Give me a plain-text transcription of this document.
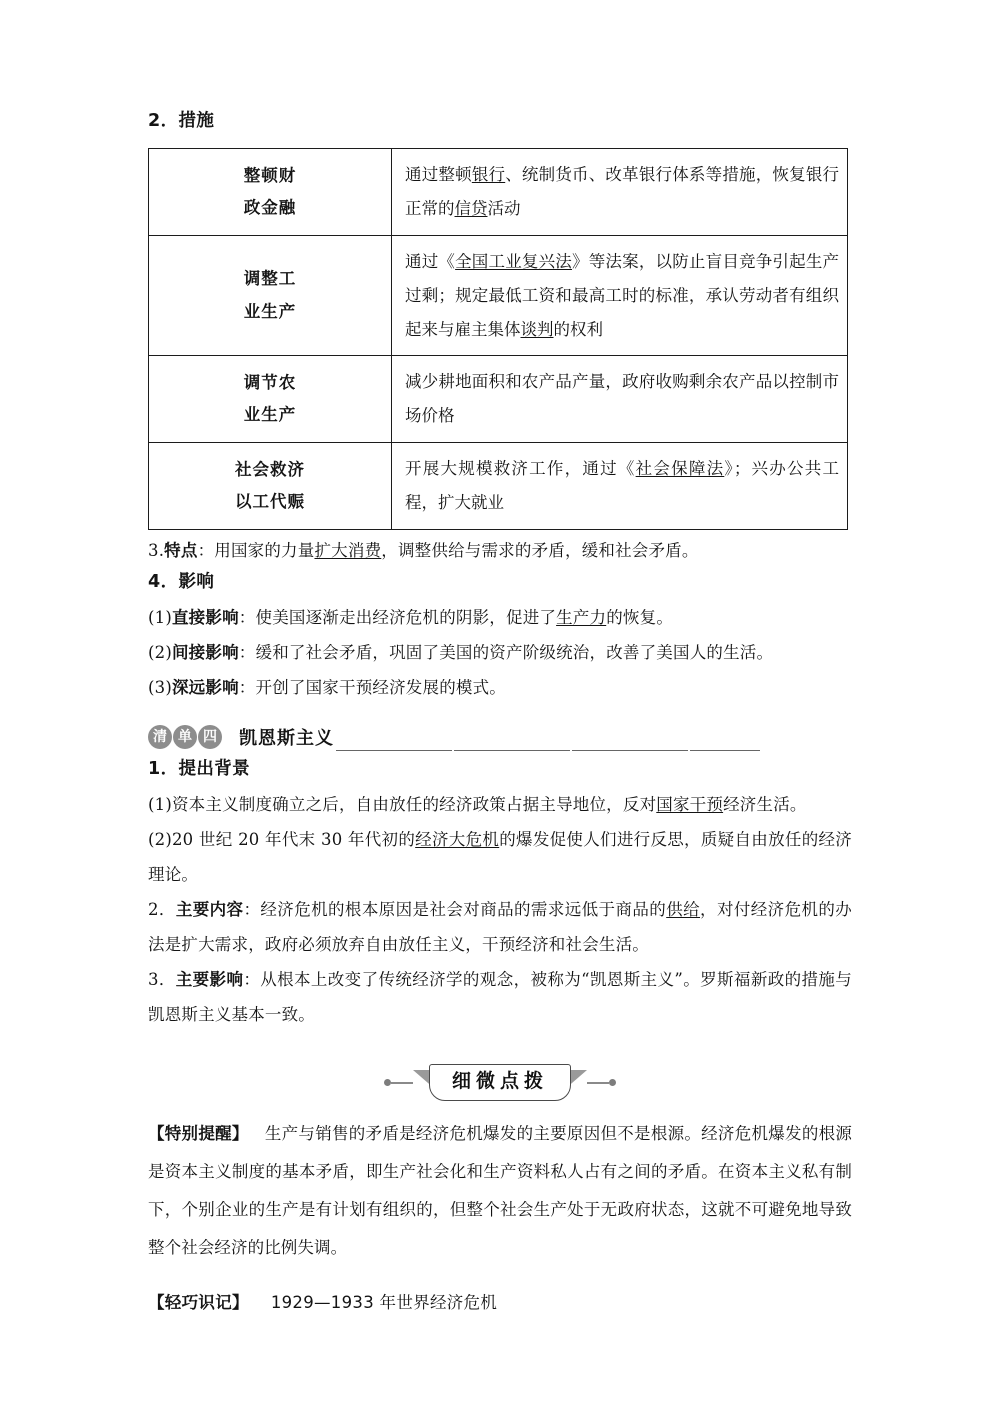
2．措施
整顿财
政金融	通过整顿银行、统制货币、改革银行体系等措施，恢复银行正常的信贷活动
调整工
业生产	通过《全国工业复兴法》等法案，以防止盲目竞争引起生产过剩；规定最低工资和最高工时的标准，承认劳动者有组织起来与雇主集体谈判的权利
调节农
业生产	减少耕地面积和农产品产量，政府收购剩余农产品以控制市场价格
社会救济
以工代赈	开展大规模救济工作，通过《社会保障法》；兴办公共工程，扩大就业

3.特点：用国家的力量扩大消费，调整供给与需求的矛盾，缓和社会矛盾。

4．影响

(1)直接影响：使美国逐渐走出经济危机的阴影，促进了生产力的恢复。

(2)间接影响：缓和了社会矛盾，巩固了美国的资产阶级统治，改善了美国人的生活。

(3)深远影响：开创了国家干预经济发展的模式。

清 单 四 凯恩斯主义
1．提出背景

(1)资本主义制度确立之后，自由放任的经济政策占据主导地位，反对国家干预经济生活。

(2)20 世纪 20 年代末 30 年代初的经济大危机的爆发促使人们进行反思，质疑自由放任的经济理论。

2．主要内容：经济危机的根本原因是社会对商品的需求远低于商品的供给，对付经济危机的办法是扩大需求，政府必须放弃自由放任主义，干预经济和社会生活。

3．主要影响：从根本上改变了传统经济学的观念，被称为“凯恩斯主义”。罗斯福新政的措施与凯恩斯主义基本一致。

细微点拨

【特别提醒】 生产与销售的矛盾是经济危机爆发的主要原因但不是根源。经济危机爆发的根源是资本主义制度的基本矛盾，即生产社会化和生产资料私人占有之间的矛盾。在资本主义私有制下，个别企业的生产是有计划有组织的，但整个社会生产处于无政府状态，这就不可避免地导致整个社会经济的比例失调。

【轻巧识记】 1929—1933 年世界经济危机
